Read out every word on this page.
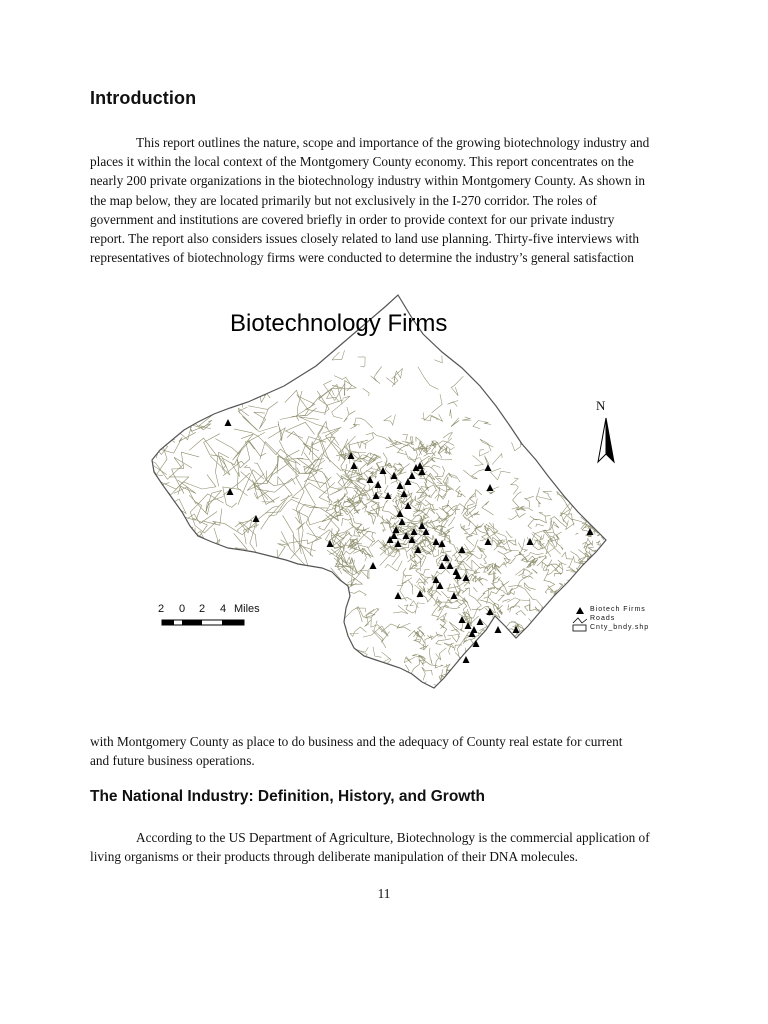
Introduction

This report outlines the nature, scope and importance of the growing biotechnology industry and
places it within the local context of the Montgomery County economy. This report concentrates on the
nearly 200 private organizations in the biotechnology industry within Montgomery County. As shown in
the map below, they are located primarily but not exclusively in the I-270 corridor. The roles of
government and institutions are covered briefly in order to provide context for our private industry
report. The report also considers issues closely related to land use planning. Thirty-five interviews with
representatives of biotechnology firms were conducted to determine the industry’s general satisfaction

Biotechnology Firms
N
2 0 2 4 Miles	Biotech Firms
Roads
Cnty_bndy.shp

with Montgomery County as place to do business and the adequacy of County real estate for current
and future business operations.

The National Industry: Definition, History, and Growth

According to the US Department of Agriculture, Biotechnology is the commercial application of
living organisms or their products through deliberate manipulation of their DNA molecules.

11
